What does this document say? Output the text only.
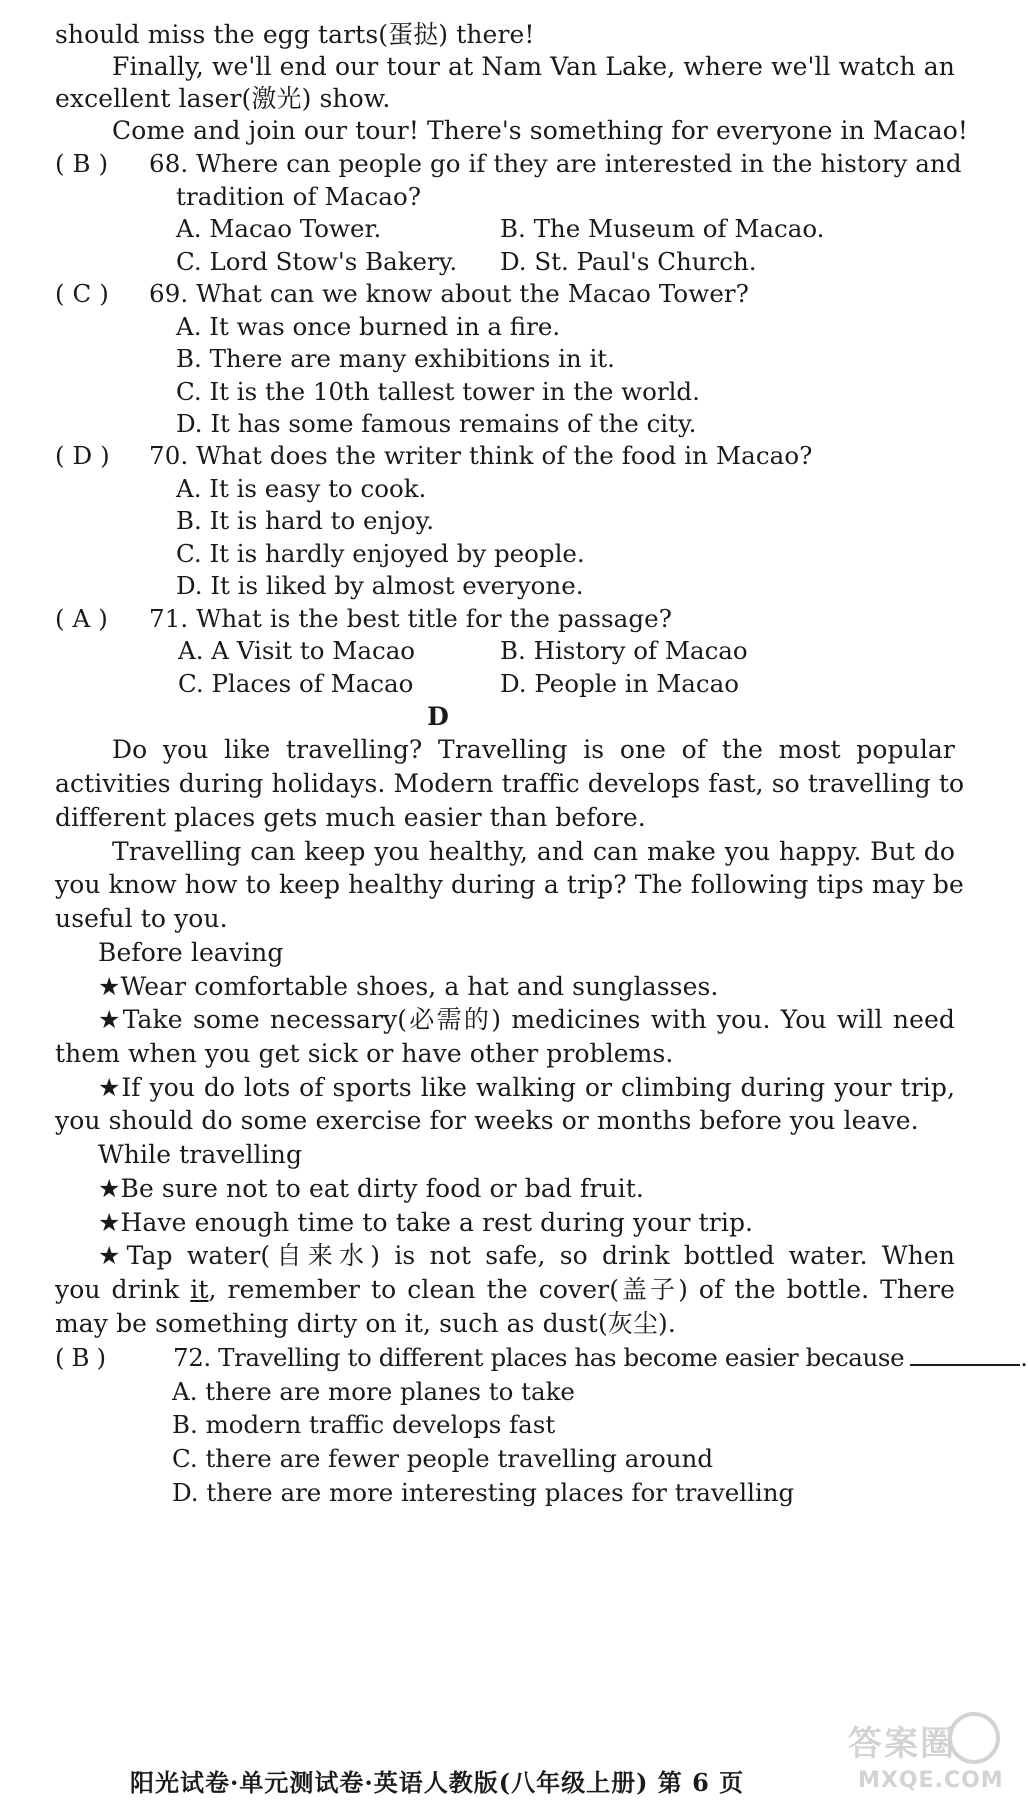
should miss the egg tarts(蛋挞) there!
Finally, we'll end our tour at Nam Van Lake, where we'll watch an
excellent laser(激光) show.
Come and join our tour! There's something for everyone in Macao!
( B ) 68. Where can people go if they are interested in the history and
tradition of Macao?
A. Macao Tower.	B. The Museum of Macao.
C. Lord Stow's Bakery. D. St. Paul's Church.
( C ) 69. What can we know about the Macao Tower?
A. It was once burned in a fire.
B. There are many exhibitions in it.
C. It is the 10th tallest tower in the world.
D. It has some famous remains of the city.
( D ) 70. What does the writer think of the food in Macao?
A. It is easy to cook.
B. It is hard to enjoy.
C. It is hardly enjoyed by people.
D. It is liked by almost everyone.
( A ) 71. What is the best title for the passage?
A. A Visit to Macao	B. History of Macao
C. Places of Macao	D. People in Macao
D
Do you like travelling? Travelling is one of the most popular
activities during holidays. Modern traffic develops fast, so travelling to
different places gets much easier than before.
Travelling can keep you healthy, and can make you happy. But do
you know how to keep healthy during a trip? The following tips may be
useful to you.
Before leaving
★Wear comfortable shoes, a hat and sunglasses.
★Take some necessary(必需的) medicines with you. You will need
them when you get sick or have other problems.
★If you do lots of sports like walking or climbing during your trip,
you should do some exercise for weeks or months before you leave.
While travelling
★Be sure not to eat dirty food or bad fruit.
★Have enough time to take a rest during your trip.
★Tap water(自来水) is not safe, so drink bottled water. When
you drink it, remember to clean the cover(盖子) of the bottle. There
may be something dirty on it, such as dust(灰尘).
( B )	72. Travelling to different places has become easier because	.
A. there are more planes to take
B. modern traffic develops fast
C. there are fewer people travelling around
D. there are more interesting places for travelling
阳光试卷·单元测试卷·英语人教版(八年级上册) 第 6 页
答案圈
MXQE.COM
